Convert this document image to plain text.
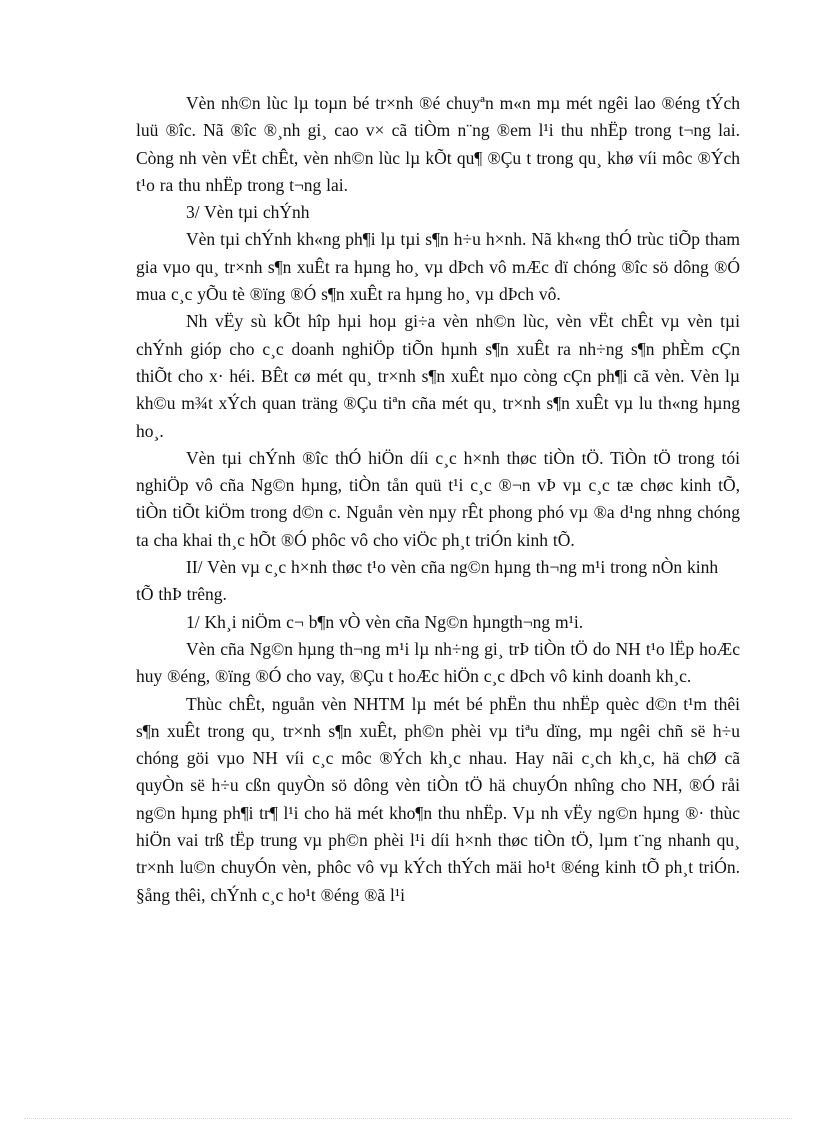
Vèn nh©n lùc lµ toµn bé tr×nh ®é chuyªn m«n mµ mét ngêi lao ®éng tÝch luü ®îc. Nã ®îc ®¸nh gi¸ cao v× cã tiÒm n¨ng ®em l¹i thu nhËp trong t¬ng lai. Còng nh vèn vËt chÊt, vèn nh©n lùc lµ kÕt qu¶ ®Çu t trong qu¸ khø víi môc ®Ých t¹o ra thu nhËp trong t¬ng lai.

3/ Vèn tµi chÝnh

Vèn tµi chÝnh kh«ng ph¶i lµ tµi s¶n h÷u h×nh. Nã kh«ng thÓ trùc tiÕp tham gia vµo qu¸ tr×nh s¶n xuÊt ra hµng ho¸ vµ dÞch vô mÆc dï chóng ®îc sö dông ®Ó mua c¸c yÕu tè ®ïng ®Ó s¶n xuÊt ra hµng ho¸ vµ dÞch vô.

Nh vËy sù kÕt hîp hµi hoµ gi÷a vèn nh©n lùc, vèn vËt chÊt vµ vèn tµi chÝnh gióp cho c¸c doanh nghiÖp tiÕn hµnh s¶n xuÊt ra nh÷ng s¶n phÈm cÇn thiÕt cho x· héi. BÊt cø mét qu¸ tr×nh s¶n xuÊt nµo còng cÇn ph¶i cã vèn. Vèn lµ kh©u m¾t xÝch quan träng ®Çu tiªn cña mét qu¸ tr×nh s¶n xuÊt vµ lu th«ng hµng ho¸.

Vèn tµi chÝnh ®îc thÓ hiÖn díi c¸c h×nh thøc tiÒn tÖ. TiÒn tÖ trong tói nghiÖp vô cña Ng©n hµng, tiÒn tån quü t¹i c¸c ®¬n vÞ vµ c¸c tæ chøc kinh tÕ, tiÒn tiÕt kiÖm trong d©n c. Nguån vèn nµy rÊt phong phó vµ ®a d¹ng nhng chóng ta cha khai th¸c hÕt ®Ó phôc vô cho viÖc ph¸t triÓn kinh tÕ.

II/ Vèn vµ c¸c h×nh thøc t¹o vèn cña ng©n hµng th¬ng m¹i trong nÒn kinh tÕ thÞ trêng.

1/ Kh¸i niÖm c¬ b¶n vÒ vèn cña Ng©n hµngth¬ng m¹i.

Vèn cña Ng©n hµng th¬ng m¹i lµ nh÷ng gi¸ trÞ tiÒn tÖ do NH t¹o lËp hoÆc huy ®éng, ®ïng ®Ó cho vay, ®Çu t hoÆc hiÖn c¸c dÞch vô kinh doanh kh¸c.

Thùc chÊt, nguån vèn NHTM lµ mét bé phËn thu nhËp quèc d©n t¹m thêi s¶n xuÊt trong qu¸ tr×nh s¶n xuÊt, ph©n phèi vµ tiªu dïng, mµ ngêi chñ së h÷u chóng göi vµo NH víi c¸c môc ®Ých kh¸c nhau. Hay nãi c¸ch kh¸c, hä chØ cã quyÒn së h÷u cßn quyÒn sö dông vèn tiÒn tÖ hä chuyÓn nhîng cho NH, ®Ó råi ng©n hµng ph¶i tr¶ l¹i cho hä mét kho¶n thu nhËp. Vµ nh vËy ng©n hµng ®· thùc hiÖn vai trß tËp trung vµ ph©n phèi l¹i díi h×nh thøc tiÒn tÖ, lµm t¨ng nhanh qu¸ tr×nh lu©n chuyÓn vèn, phôc vô vµ kÝch thÝch mäi ho¹t ®éng kinh tÕ ph¸t triÓn. §ång thêi, chÝnh c¸c ho¹t ®éng ®ã l¹i
